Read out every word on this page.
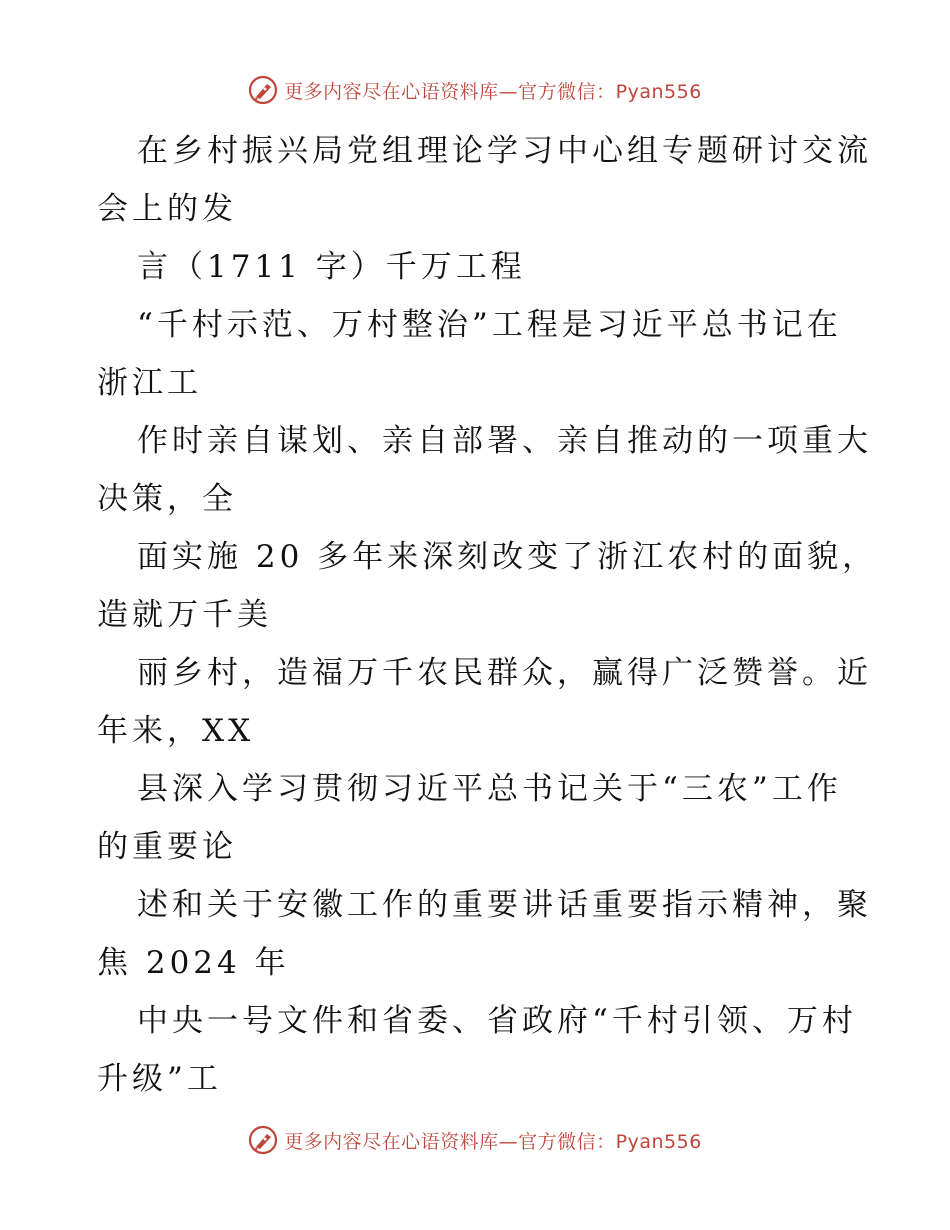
更多内容尽在心语资料库—官方微信：Pyan556
在乡村振兴局党组理论学习中心组专题研讨交流
会上的发
言（1711 字）千万工程
“千村示范、万村整治”工程是习近平总书记在
浙江工
作时亲自谋划、亲自部署、亲自推动的一项重大
决策，全
面实施 20 多年来深刻改变了浙江农村的面貌，
造就万千美
丽乡村，造福万千农民群众，赢得广泛赞誉。近
年来，XX
县深入学习贯彻习近平总书记关于“三农”工作
的重要论
述和关于安徽工作的重要讲话重要指示精神，聚
焦 2024 年
中央一号文件和省委、省政府“千村引领、万村
升级”工
更多内容尽在心语资料库—官方微信：Pyan556
